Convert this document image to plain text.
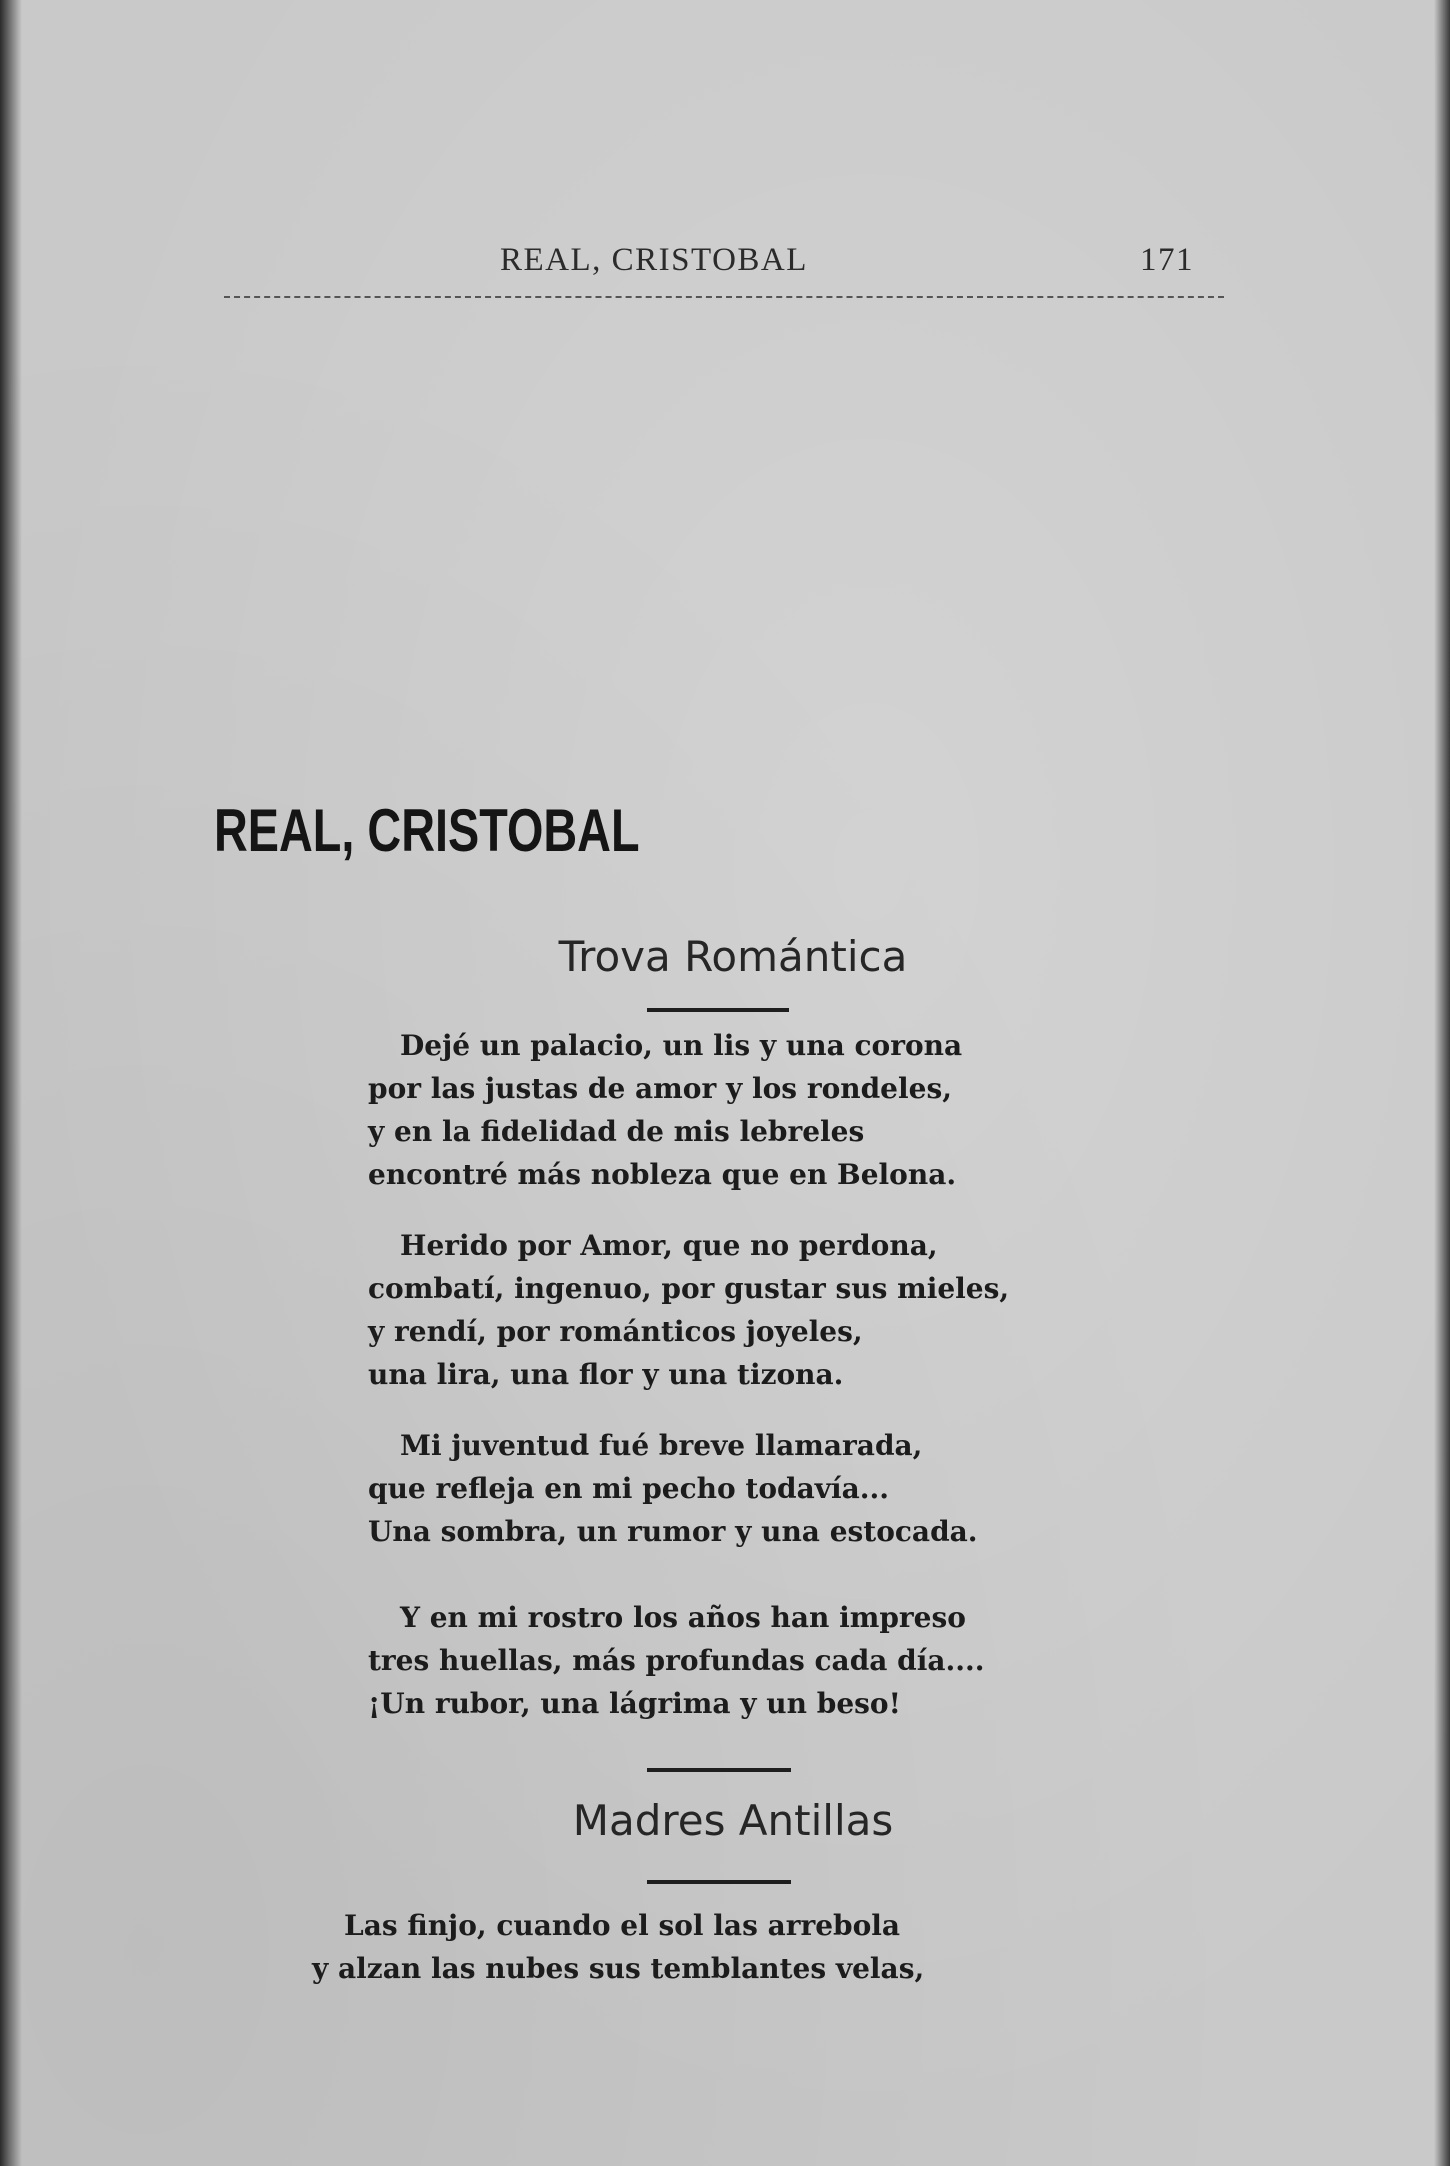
REAL, CRISTOBAL	171
REAL, CRISTOBAL
Trova Romántica
Dejé un palacio, un lis y una corona
por las justas de amor y los rondeles,
y en la fidelidad de mis lebreles
encontré más nobleza que en Belona.
Herido por Amor, que no perdona,
combatí, ingenuo, por gustar sus mieles,
y rendí, por románticos joyeles,
una lira, una flor y una tizona.
Mi juventud fué breve llamarada,
que refleja en mi pecho todavía...
Una sombra, un rumor y una estocada.
Y en mi rostro los años han impreso
tres huellas, más profundas cada día....
¡Un rubor, una lágrima y un beso!
Madres Antillas
Las finjo, cuando el sol las arrebola
y alzan las nubes sus temblantes velas,
